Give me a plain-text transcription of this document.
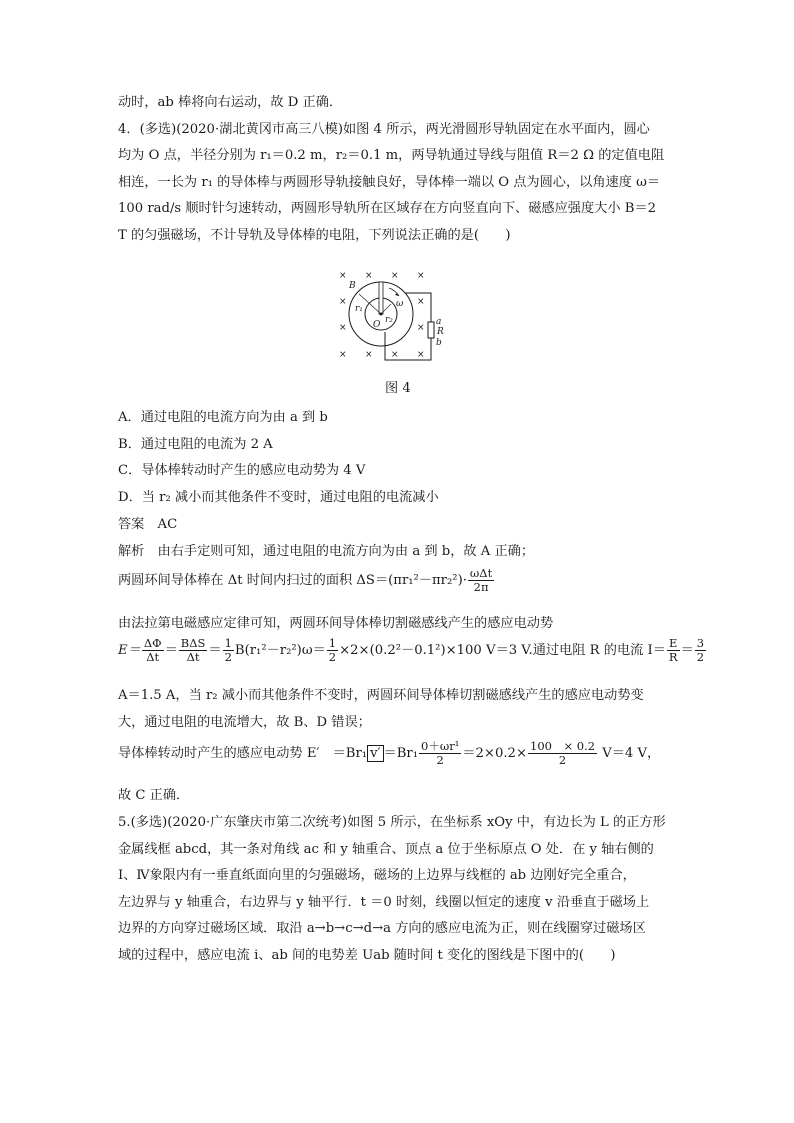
动时，ab 棒将向右运动，故 D 正确．
4．(多选)(2020·湖北黄冈市高三八模)如图 4 所示，两光滑圆形导轨固定在水平面内，圆心
均为 O 点，半径分别为 r₁＝0.2 m，r₂＝0.1 m，两导轨通过导线与阻值 R＝2 Ω 的定值电阻
相连，一长为 r₁ 的导体棒与两圆形导轨接触良好，导体棒一端以 O 点为圆心，以角速度 ω＝
100 rad/s 顺时针匀速转动，两圆形导轨所在区域存在方向竖直向下、磁感应强度大小 B＝2
T 的匀强磁场，不计导轨及导体棒的电阻，下列说法正确的是(　　)
× × × ×
×	×
×	×
× × × ×
B
r₁
r₂
O
ω
a
R
b
图 4
A．通过电阻的电流方向为由 a 到 b
B．通过电阻的电流为 2 A
C．导体棒转动时产生的感应电动势为 4 V
D．当 r₂ 减小而其他条件不变时，通过电阻的电流减小
答案　AC
解析　由右手定则可知，通过电阻的电流方向为由 a 到 b，故 A 正确；
两圆环间导体棒在 Δt 时间内扫过的面积 $\Delta S=(\pi r_1^2-\pi r_2^2)\cdot \frac{\text{ωΔt}}{2\pi}$
由法拉第电磁感应定律可知，两圆环间导体棒切割磁感线产生的感应电动势
$E= \frac{\Delta\Phi}{\Delta t} = \frac{\text{BΔS}}{\Delta t} = \frac{1}{2} B(r_1^2-r_2^2)\omega= \frac{1}{2} \times 2\times(0.2^2-0.1^2)\times 100$ V＝3 V.通过电阻 R 的电流 $I= \frac{E}{R} = \frac{3}{2}$
A＝1.5 A，当 r₂ 减小而其他条件不变时，两圆环间导体棒切割磁感线产生的感应电动势变
大，通过电阻的电流增大，故 B、D 错误；
导体棒转动时产生的感应电动势 E′　＝Br₁ $v' =Br_1 \frac{\text{0＋ωr¹}}{2} =2\times 0.2\times \frac{100 \times 0.2}{2} V=4$ V，
故 C 正确．
5.(多选)(2020·广东肇庆市第二次统考)如图 5 所示，在坐标系 xOy 中，有边长为 L 的正方形
金属线框 abcd，其一条对角线 ac 和 y 轴重合、顶点 a 位于坐标原点 O 处．在 y 轴右侧的
Ⅰ、Ⅳ象限内有一垂直纸面向里的匀强磁场，磁场的上边界与线框的 ab 边刚好完全重合，
左边界与 y 轴重合，右边界与 y 轴平行．t ＝0 时刻，线圈以恒定的速度 v 沿垂直于磁场上
边界的方向穿过磁场区域．取沿 a→b→c→d→a 方向的感应电流为正，则在线圈穿过磁场区
域的过程中，感应电流 i、ab 间的电势差 Uab 随时间 t 变化的图线是下图中的(　　)
